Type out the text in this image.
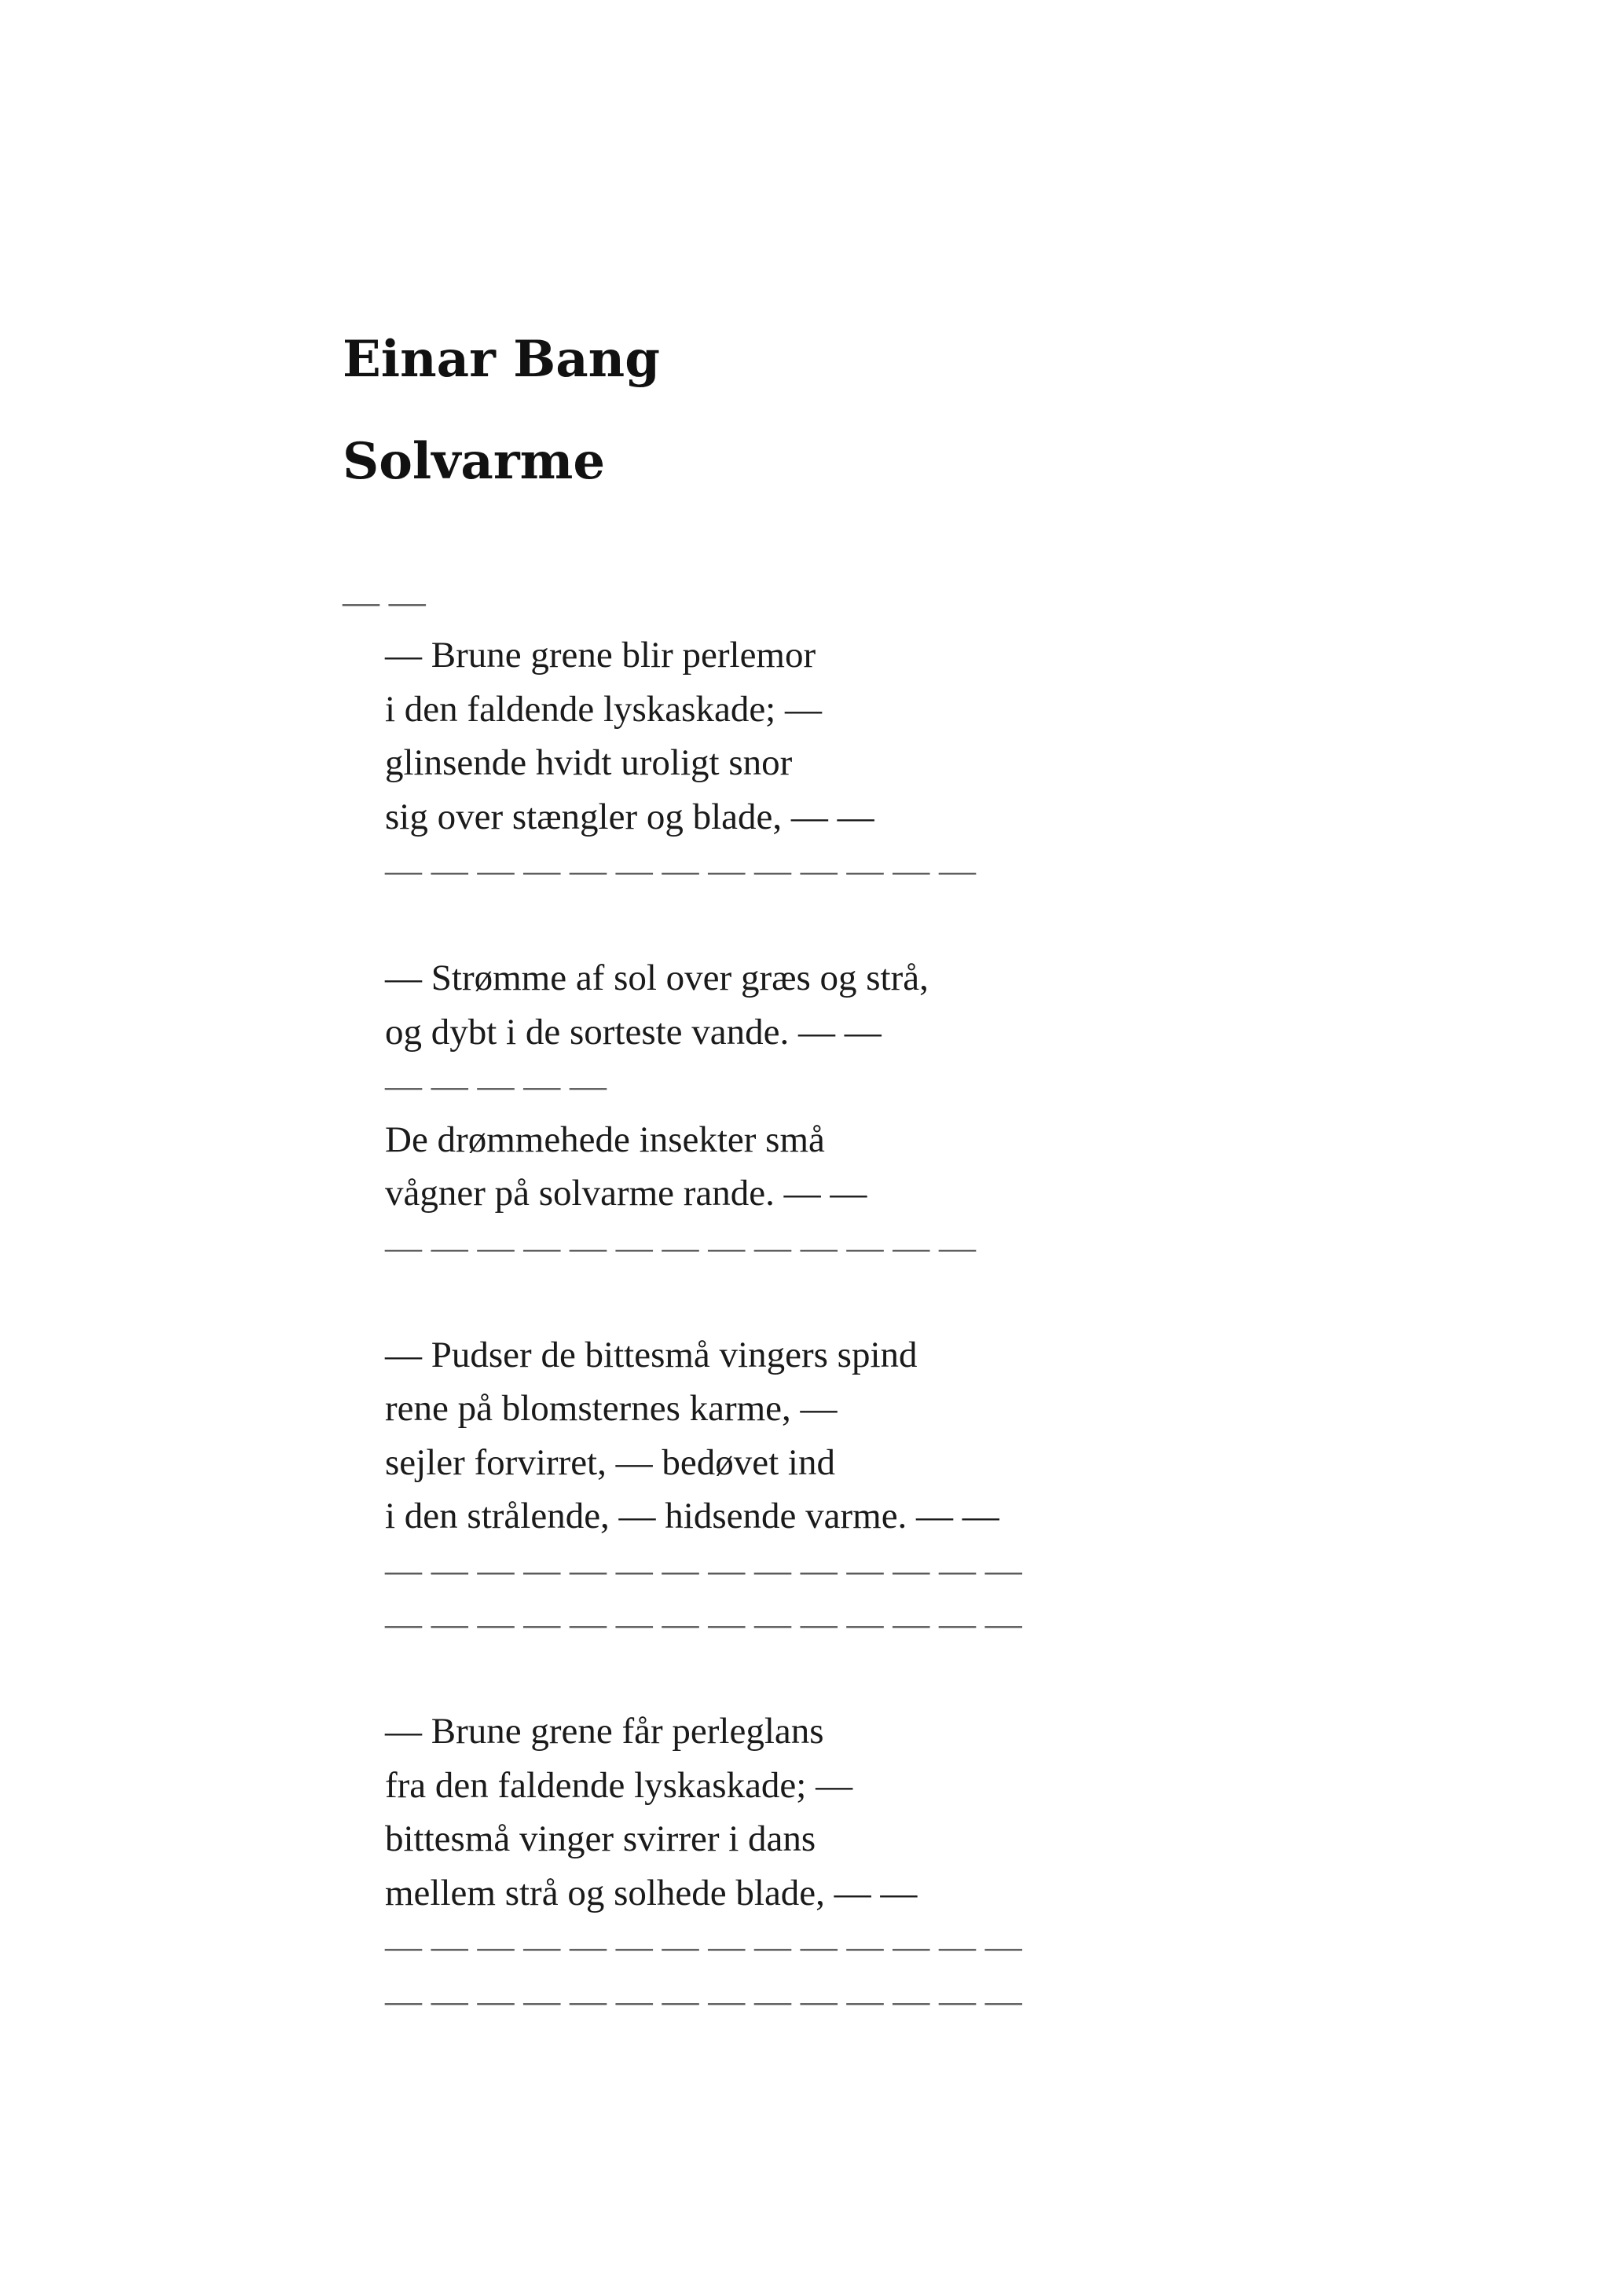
Einar Bang
Solvarme
— —
— Brune grene blir perlemor
i den faldende lyskaskade; —
glinsende hvidt uroligt snor
sig over stængler og blade, — —
— — — — — — — — — — — — —
— Strømme af sol over græs og strå,
og dybt i de sorteste vande. — —
— — — — —
De drømmehede insekter små
vågner på solvarme rande. — —
— — — — — — — — — — — — —
— Pudser de bittesmå vingers spind
rene på blomsternes karme, —
sejler forvirret, — bedøvet ind
i den strålende, — hidsende varme. — —
— — — — — — — — — — — — — —
— — — — — — — — — — — — — —
— Brune grene får perleglans
fra den faldende lyskaskade; —
bittesmå vinger svirrer i dans
mellem strå og solhede blade, — —
— — — — — — — — — — — — — —
— — — — — — — — — — — — — —
